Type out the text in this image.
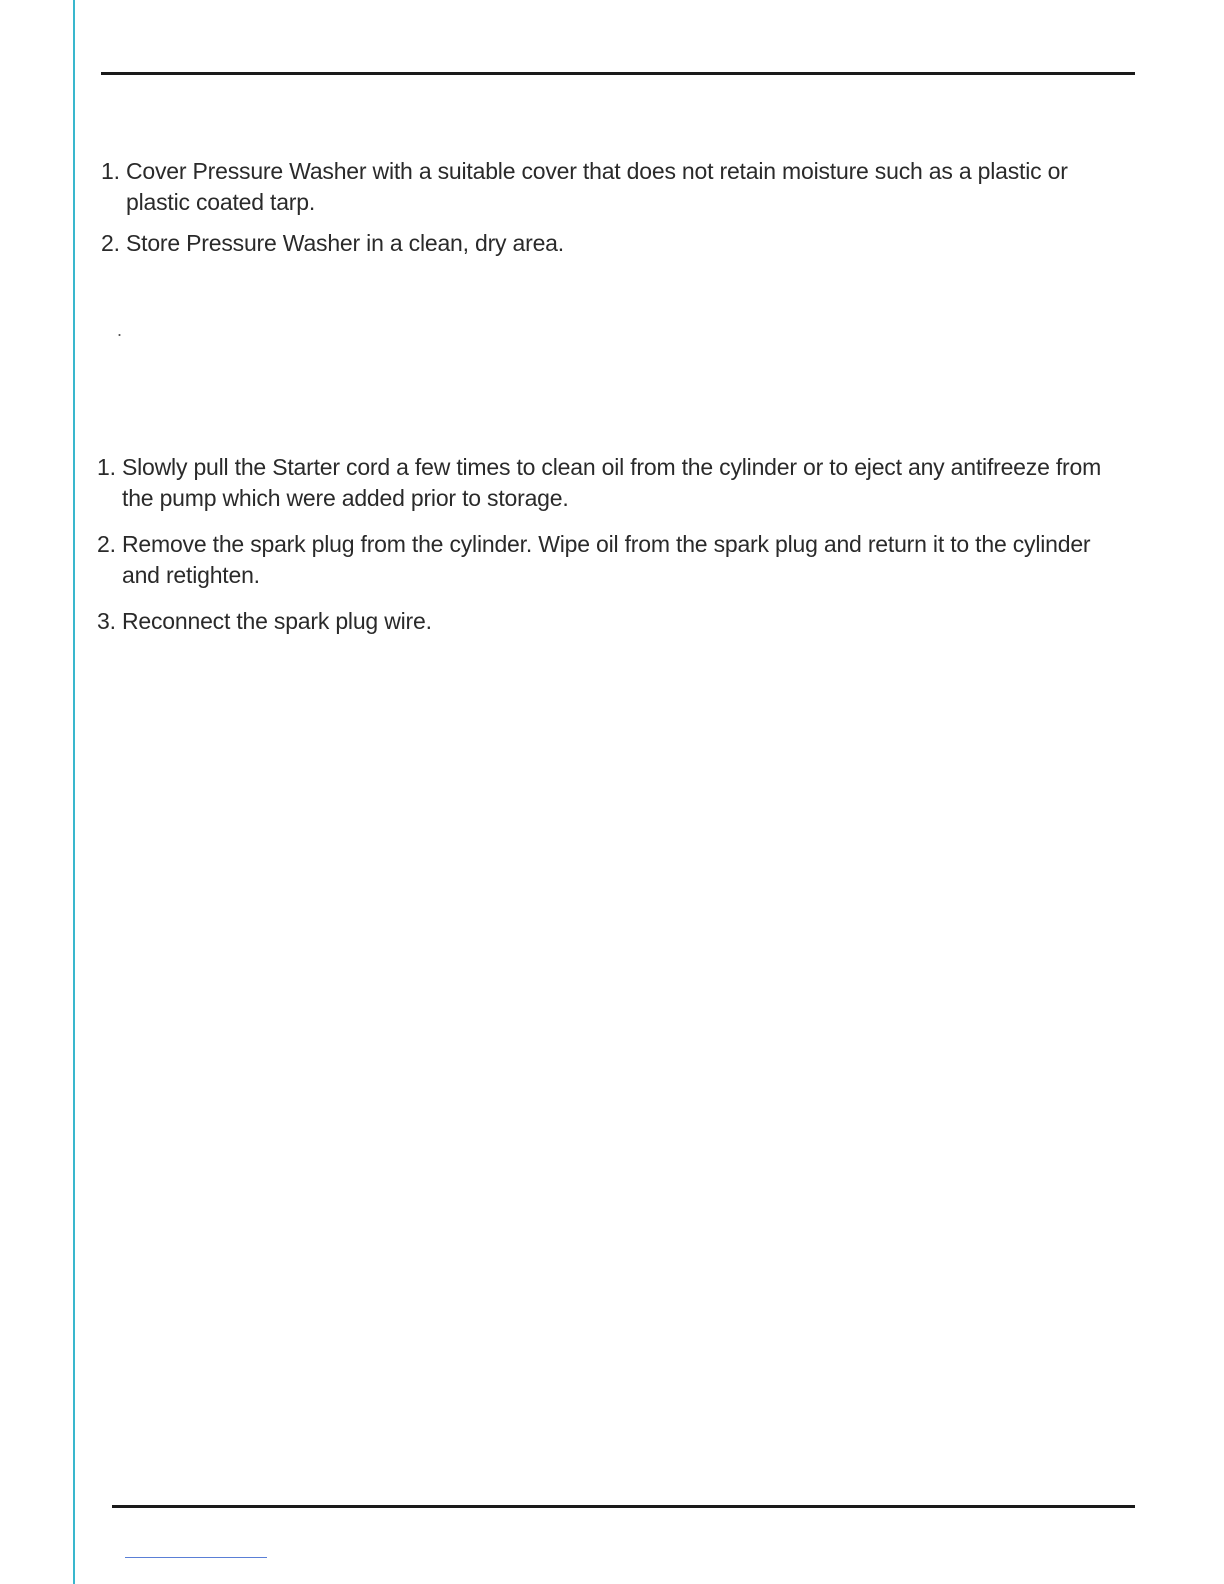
1. Cover Pressure Washer with a suitable cover that does not retain moisture such as a plastic or plastic coated tarp.
2. Store Pressure Washer in a clean, dry area.
.
1. Slowly pull the Starter cord a few times to clean oil from the cylinder or to eject any antifreeze from the pump which were added prior to storage.
2. Remove the spark plug from the cylinder. Wipe oil from the spark plug and return it to the cylinder and retighten.
3. Reconnect the spark plug wire.
